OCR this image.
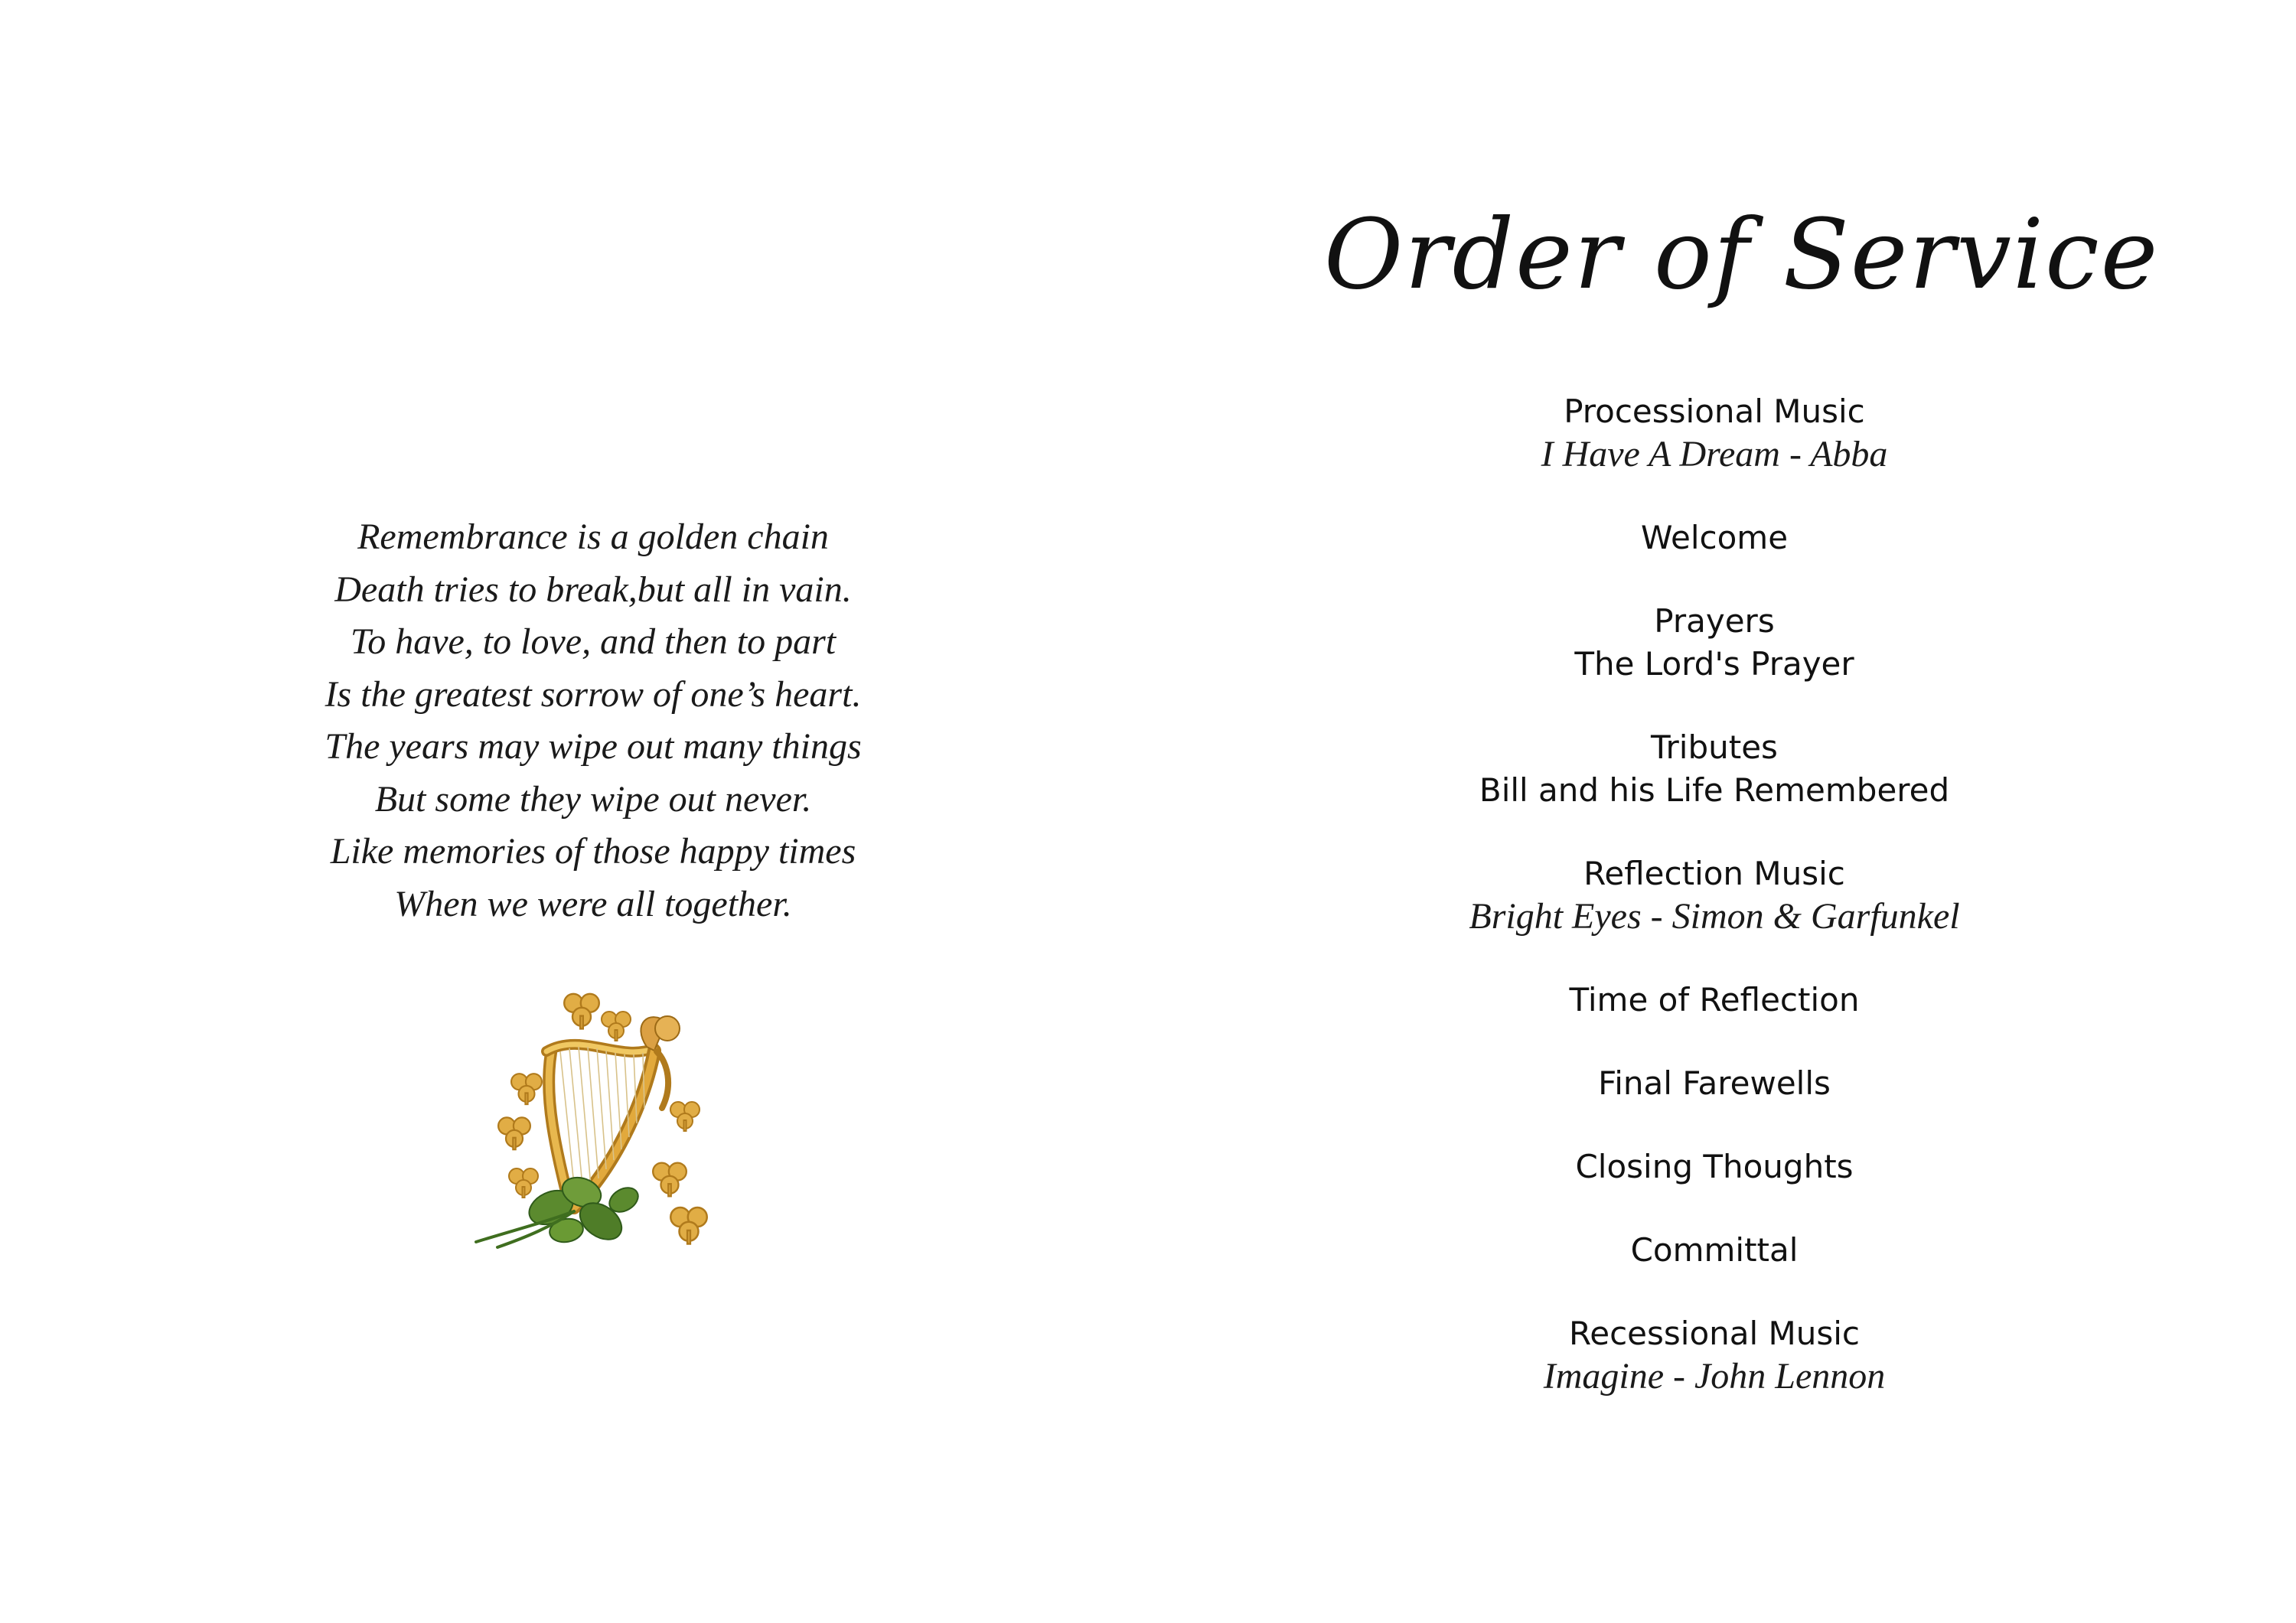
Remembrance is a golden chain
Death tries to break,but all in vain.
To have, to love, and then to part
Is the greatest sorrow of one’s heart.
The years may wipe out many things
But some they wipe out never.
Like memories of those happy times
When we were all together.
Order of Service
Processional Music
I Have A Dream - Abba
Welcome
Prayers
The Lord's Prayer
Tributes
Bill and his Life Remembered
Reflection Music
Bright Eyes - Simon & Garfunkel
Time of Reflection
Final Farewells
Closing Thoughts
Committal
Recessional Music
Imagine - John Lennon
